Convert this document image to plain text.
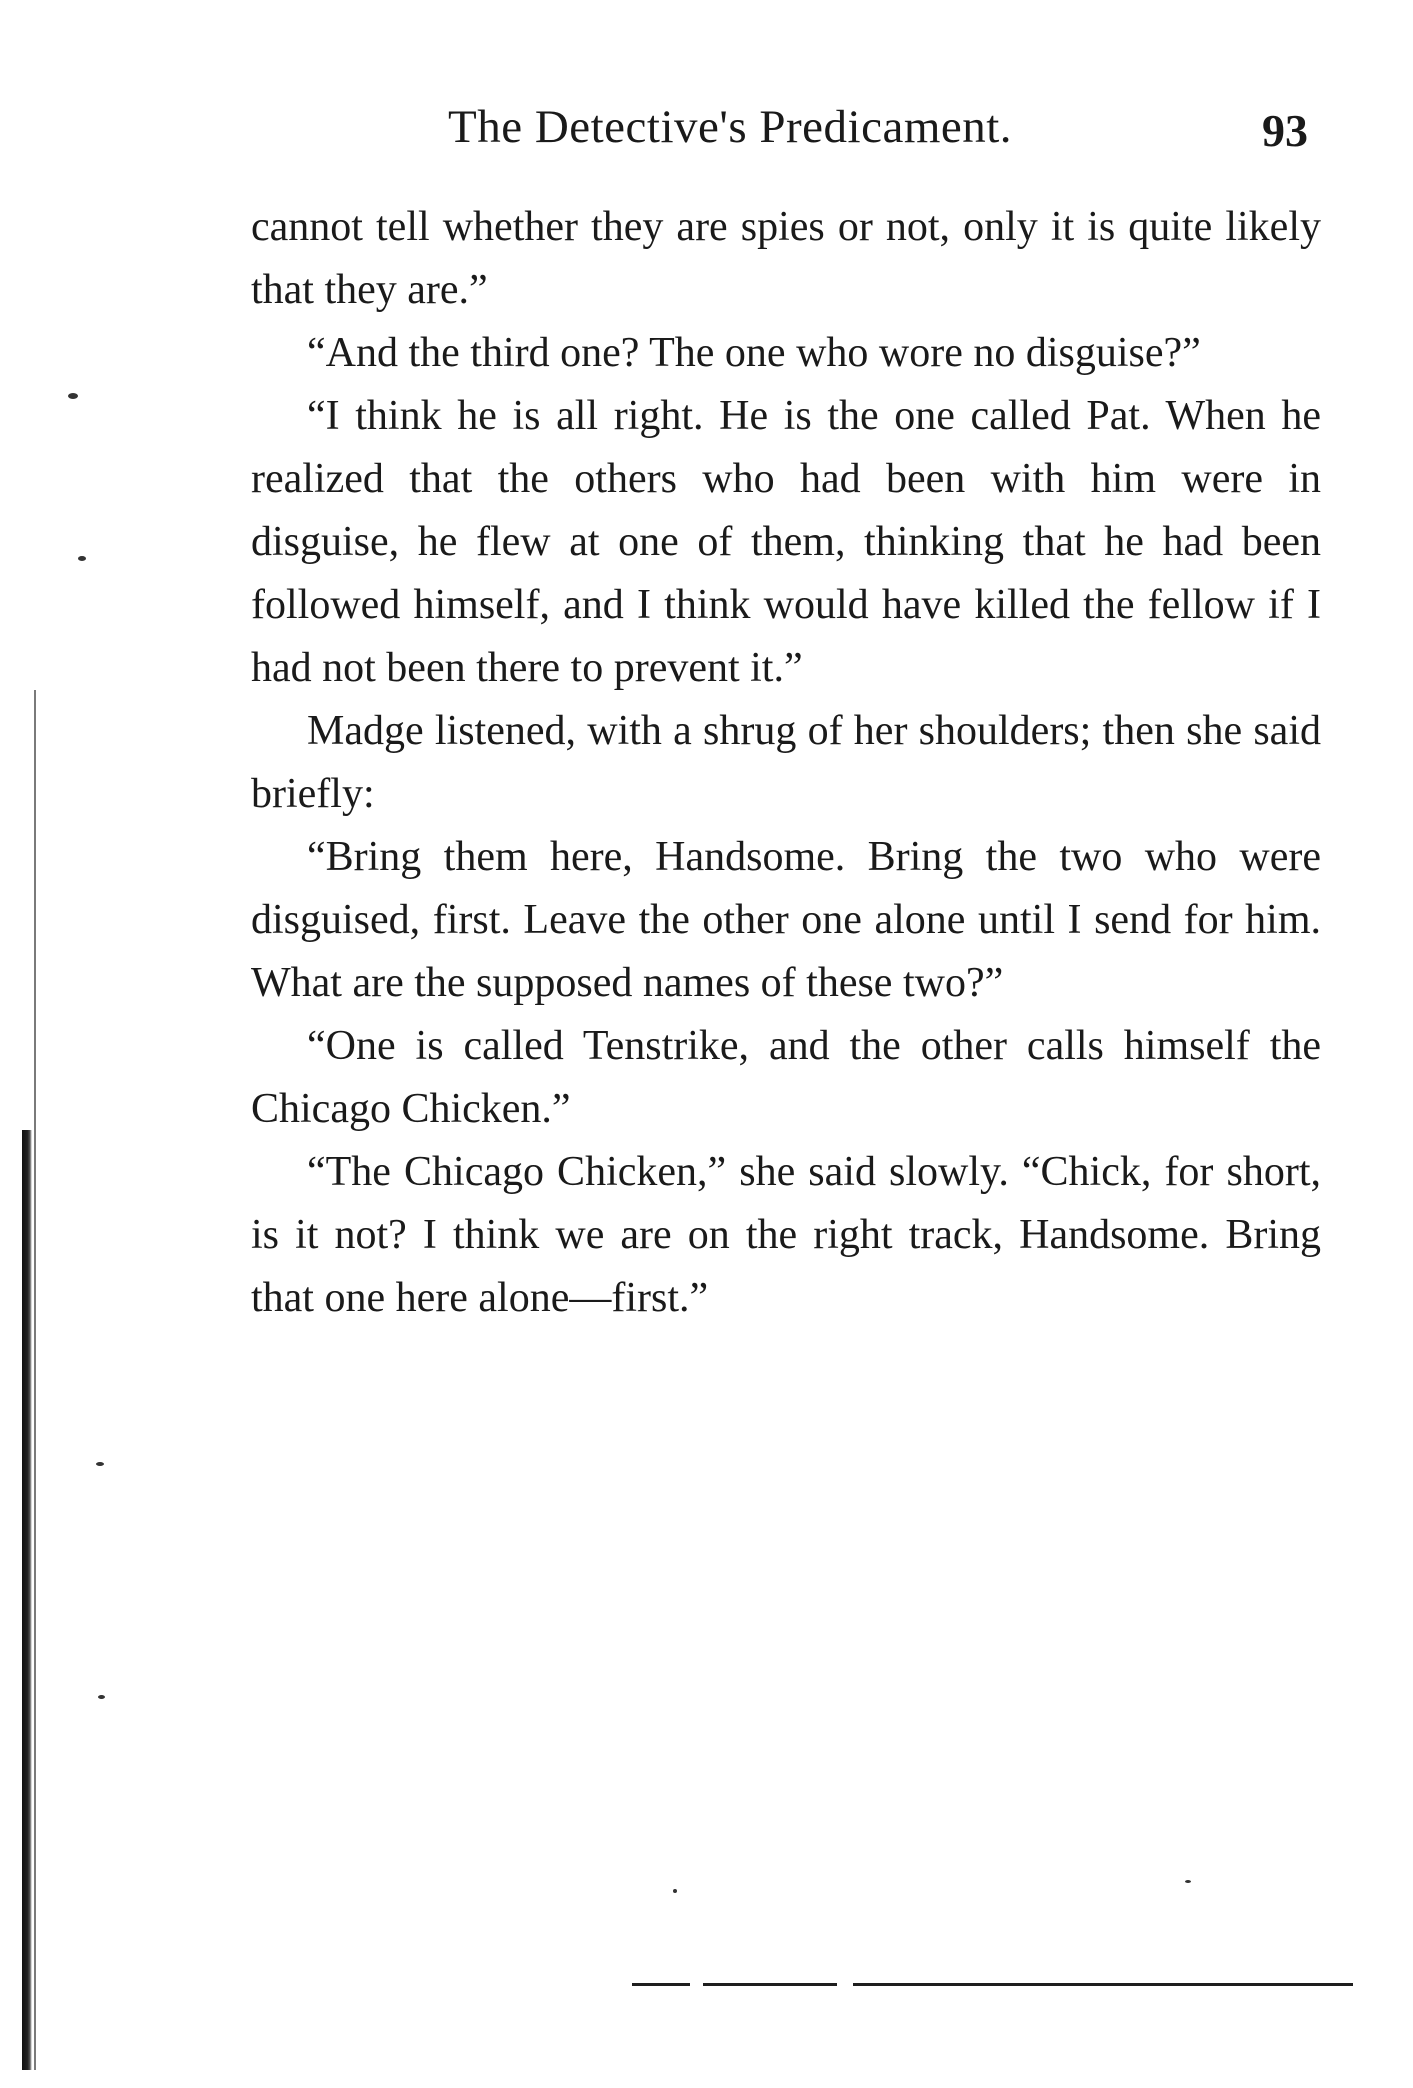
The Detective's Predicament.	93

cannot tell whether they are spies or not, only it is quite likely that they are.”

“And the third one? The one who wore no disguise?”

“I think he is all right. He is the one called Pat. When he realized that the others who had been with him were in disguise, he flew at one of them, thinking that he had been followed himself, and I think would have killed the fellow if I had not been there to prevent it.”

Madge listened, with a shrug of her shoulders; then she said briefly:

“Bring them here, Handsome. Bring the two who were disguised, first. Leave the other one alone until I send for him. What are the supposed names of these two?”

“One is called Tenstrike, and the other calls himself the Chicago Chicken.”

“The Chicago Chicken,” she said slowly. “Chick, for short, is it not? I think we are on the right track, Handsome. Bring that one here alone—first.”
